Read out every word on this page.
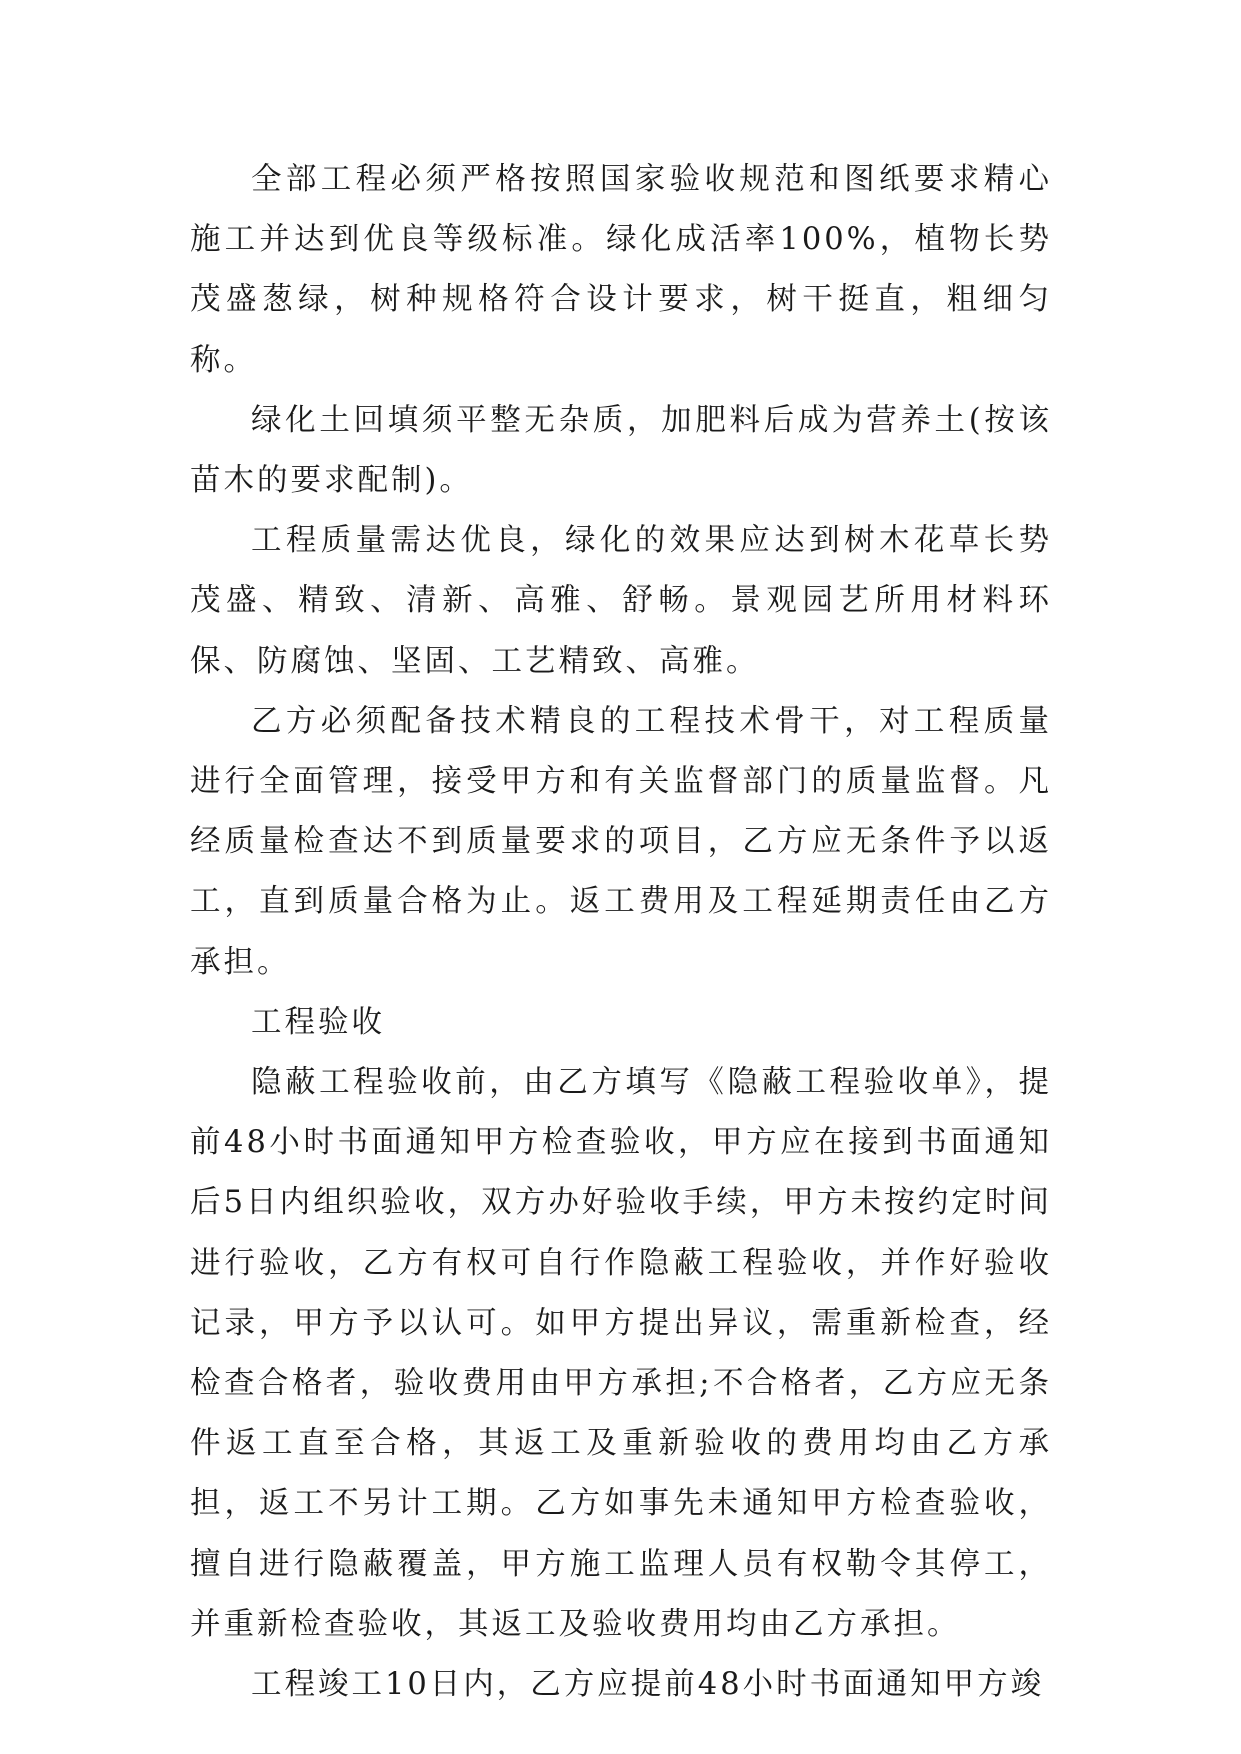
全部工程必须严格按照国家验收规范和图纸要求精心施工并达到优良等级标准。绿化成活率100%，植物长势茂盛葱绿，树种规格符合设计要求，树干挺直，粗细匀称。

绿化土回填须平整无杂质，加肥料后成为营养土(按该苗木的要求配制)。

工程质量需达优良，绿化的效果应达到树木花草长势茂盛、精致、清新、高雅、舒畅。景观园艺所用材料环保、防腐蚀、坚固、工艺精致、高雅。

乙方必须配备技术精良的工程技术骨干，对工程质量进行全面管理，接受甲方和有关监督部门的质量监督。凡经质量检查达不到质量要求的项目，乙方应无条件予以返工，直到质量合格为止。返工费用及工程延期责任由乙方承担。

工程验收

隐蔽工程验收前，由乙方填写《隐蔽工程验收单》，提前48小时书面通知甲方检查验收，甲方应在接到书面通知后5日内组织验收，双方办好验收手续，甲方未按约定时间进行验收，乙方有权可自行作隐蔽工程验收，并作好验收记录，甲方予以认可。如甲方提出异议，需重新检查，经检查合格者，验收费用由甲方承担;不合格者，乙方应无条件返工直至合格，其返工及重新验收的费用均由乙方承担，返工不另计工期。乙方如事先未通知甲方检查验收，擅自进行隐蔽覆盖，甲方施工监理人员有权勒令其停工，并重新检查验收，其返工及验收费用均由乙方承担。

工程竣工10日内，乙方应提前48小时书面通知甲方竣
